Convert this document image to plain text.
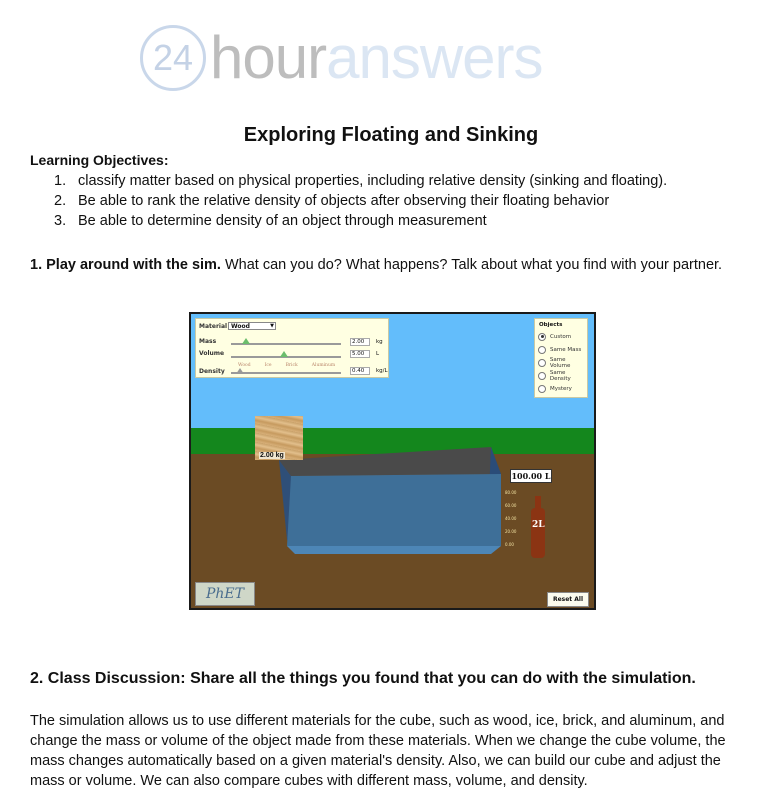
24 hour answers
Exploring Floating and Sinking
Learning Objectives:
1. classify matter based on physical properties, including relative density (sinking and floating).
2. Be able to rank the relative density of objects after observing their floating behavior
3. Be able to determine density of an object through measurement
1. Play around with the sim. What can you do? What happens? Talk about what you find with your partner.
Material Wood	▼
Mass	2.00	kg
Volume	5.00	L
Wood	Ice	Brick	Aluminum
Density	0.40	kg/L
Objects
Custom
Same Mass
Same Volume
Same Density
Mystery
2.00 kg
100.00 L
80.00
60.00
40.00
20.00
0.00
2L
PhET	Reset All
2. Class Discussion: Share all the things you found that you can do with the simulation.
The simulation allows us to use different materials for the cube, such as wood, ice, brick, and aluminum, and change the mass or volume of the object made from these materials. When we change the cube volume, the mass changes automatically based on a given material's density. Also, we can build our cube and adjust the mass or volume. We can also compare cubes with different mass, volume, and density.
